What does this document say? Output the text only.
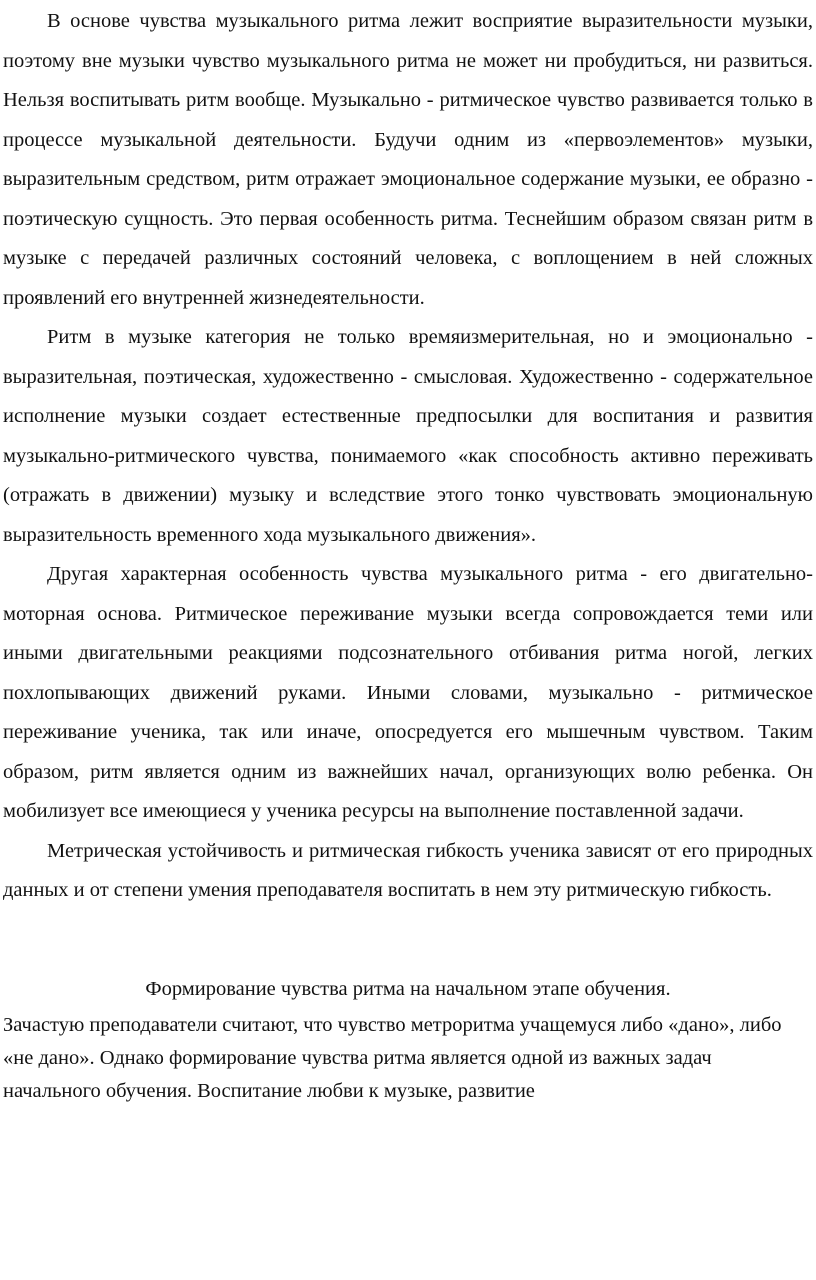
В основе чувства музыкального ритма лежит восприятие выразительности музыки, поэтому вне музыки чувство музыкального ритма не может ни пробудиться, ни развиться. Нельзя воспитывать ритм вообще. Музыкально - ритмическое чувство развивается только в процессе музыкальной деятельности. Будучи одним из «первоэлементов» музыки, выразительным средством, ритм отражает эмоциональное содержание музыки, ее образно - поэтическую сущность. Это первая особенность ритма. Теснейшим образом связан ритм в музыке с передачей различных состояний человека, с воплощением в ней сложных проявлений его внутренней жизнедеятельности.

Ритм в музыке категория не только времяизмерительная, но и эмоционально - выразительная, поэтическая, художественно - смысловая. Художественно - содержательное исполнение музыки создает естественные предпосылки для воспитания и развития музыкально-ритмического чувства, понимаемого «как способность активно переживать (отражать в движении) музыку и вследствие этого тонко чувствовать эмоциональную выразительность временного хода музыкального движения».

Другая характерная особенность чувства музыкального ритма - его двигательно-моторная основа. Ритмическое переживание музыки всегда сопровождается теми или иными двигательными реакциями подсознательного отбивания ритма ногой, легких похлопывающих движений руками. Иными словами, музыкально - ритмическое переживание ученика, так или иначе, опосредуется его мышечным чувством. Таким образом, ритм является одним из важнейших начал, организующих волю ребенка. Он мобилизует все имеющиеся у ученика ресурсы на выполнение поставленной задачи.

Метрическая устойчивость и ритмическая гибкость ученика зависят от его природных данных и от степени умения преподавателя воспитать в нем эту ритмическую гибкость.

Формирование чувства ритма на начальном этапе обучения.

Зачастую преподаватели считают, что чувство метроритма учащемуся либо «дано», либо «не дано». Однако формирование чувства ритма является одной из важных задач начального обучения. Воспитание любви к музыке, развитие
